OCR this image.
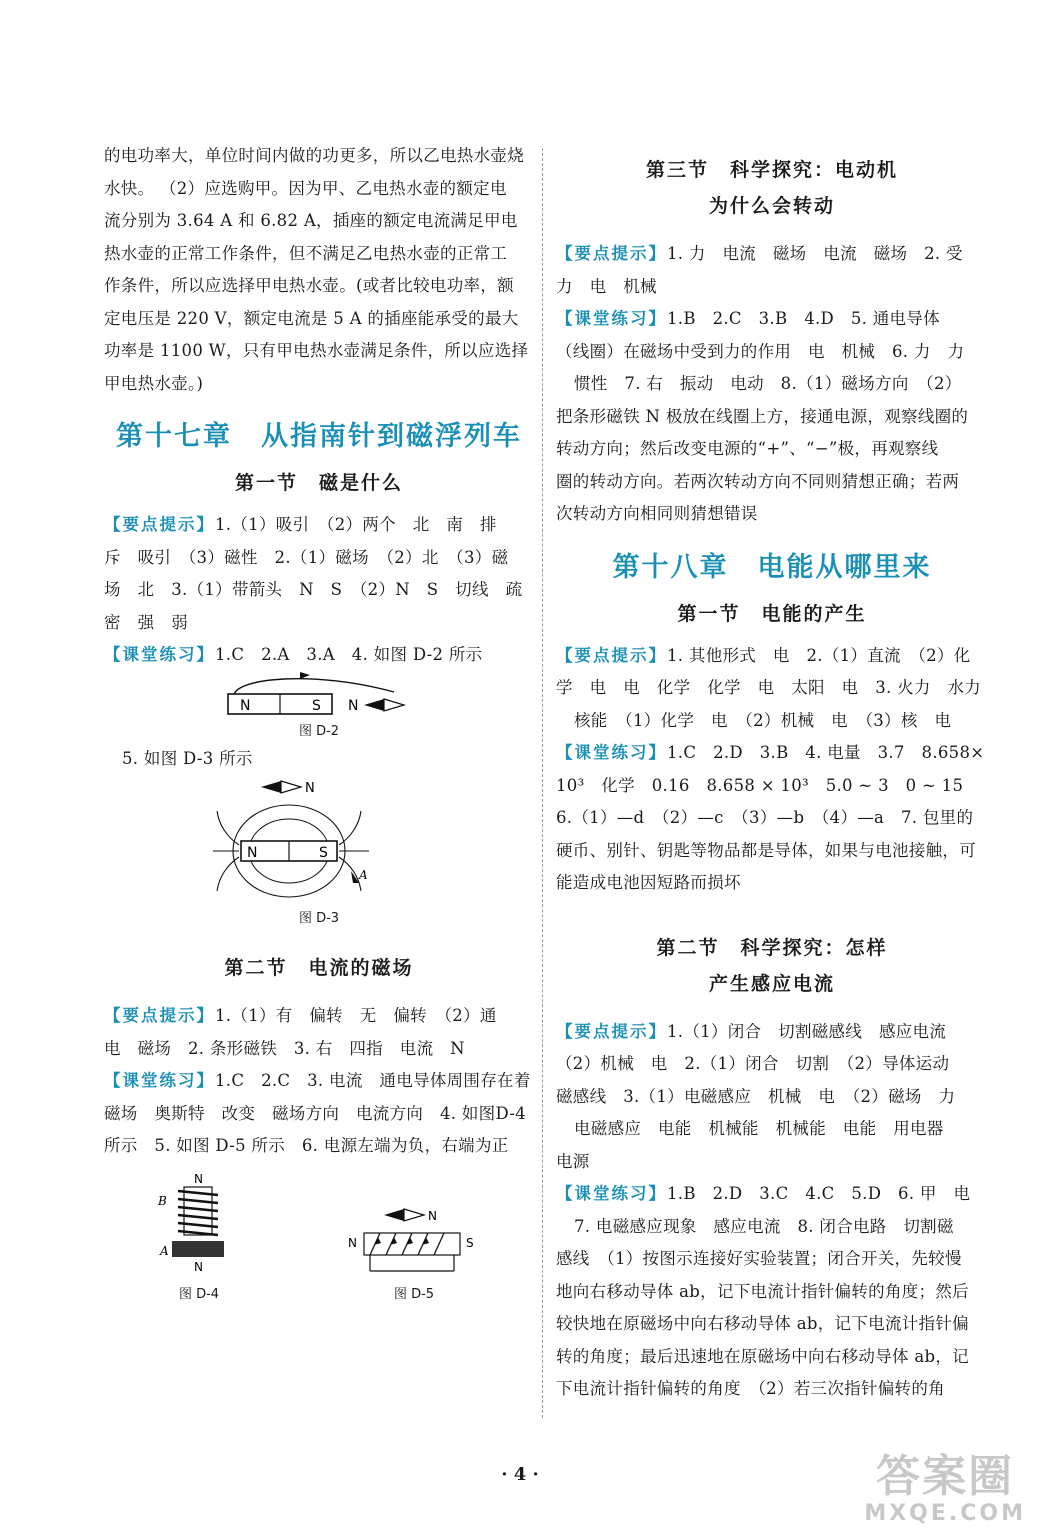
的电功率大，单位时间内做的功更多，所以乙电热水壶烧

水快。 （2）应选购甲。因为甲、乙电热水壶的额定电

流分别为 3.64 A 和 6.82 A，插座的额定电流满足甲电

热水壶的正常工作条件，但不满足乙电热水壶的正常工

作条件，所以应选择甲电热水壶。(或者比较电功率，额

定电压是 220 V，额定电流是 5 A 的插座能承受的最大

功率是 1100 W，只有甲电热水壶满足条件，所以应选择

甲电热水壶。)

第十七章　从指南针到磁浮列车
第一节　磁是什么

【要点提示】1.（1）吸引　（2）两个　北　南　排

斥　吸引　（3）磁性　2.（1）磁场　（2）北　（3）磁

场　北　3.（1）带箭头　N　S　（2）N　S　切线　疏

密　强　弱

【课堂练习】1.C　2.A　3.A　4. 如图 D-2 所示

N	S N

图 D-2

5. 如图 D-3 所示

N
N	S
A

图 D-3

第二节　电流的磁场

【要点提示】1.（1）有　偏转　无　偏转　（2）通

电　磁场　2. 条形磁铁　3. 右　四指　电流　N

【课堂练习】1.C　2.C　3. 电流　通电导体周围存在着

磁场　奥斯特　改变　磁场方向　电流方向　4. 如图D-4

所示　5. 如图 D-5 所示　6. 电源左端为负，右端为正

N
B
A
N

图 D-4

N
N	S

图 D-5

第三节　科学探究：电动机
为什么会转动

【要点提示】1. 力　电流　磁场　电流　磁场　2. 受

力　电　机械

【课堂练习】1.B　2.C　3.B　4.D　5. 通电导体

（线圈）在磁场中受到力的作用　电　机械　6. 力　力

惯性　7. 右　振动　电动　8.（1）磁场方向　（2）

把条形磁铁 N 极放在线圈上方，接通电源，观察线圈的

转动方向；然后改变电源的“+”、“−”极，再观察线

圈的转动方向。若两次转动方向不同则猜想正确；若两

次转动方向相同则猜想错误

第十八章　电能从哪里来
第一节　电能的产生

【要点提示】1. 其他形式　电　2.（1）直流　（2）化

学　电　电　化学　化学　电　太阳　电　3. 火力　水力

核能　（1）化学　电　（2）机械　电　（3）核　电

【课堂练习】1.C　2.D　3.B　4. 电量　3.7　8.658×

10³　化学　0.16　8.658 × 10³　5.0 ~ 3　0 ~ 15

6.（1）—d　（2）—c　（3）—b　（4）—a　7. 包里的

硬币、别针、钥匙等物品都是导体，如果与电池接触，可

能造成电池因短路而损坏

第二节　科学探究：怎样
产生感应电流

【要点提示】1.（1）闭合　切割磁感线　感应电流

（2）机械　电　2.（1）闭合　切割　（2）导体运动

磁感线　3.（1）电磁感应　机械　电　（2）磁场　力

电磁感应　电能　机械能　机械能　电能　用电器

电源

【课堂练习】1.B　2.D　3.C　4.C　5.D　6. 甲　电

7. 电磁感应现象　感应电流　8. 闭合电路　切割磁

感线　（1）按图示连接好实验装置；闭合开关，先较慢

地向右移动导体 ab，记下电流计指针偏转的角度；然后

较快地在原磁场中向右移动导体 ab，记下电流计指针偏

转的角度；最后迅速地在原磁场中向右移动导体 ab，记

下电流计指针偏转的角度　（2）若三次指针偏转的角

· 4 ·	答案圈
MXQE.COM
